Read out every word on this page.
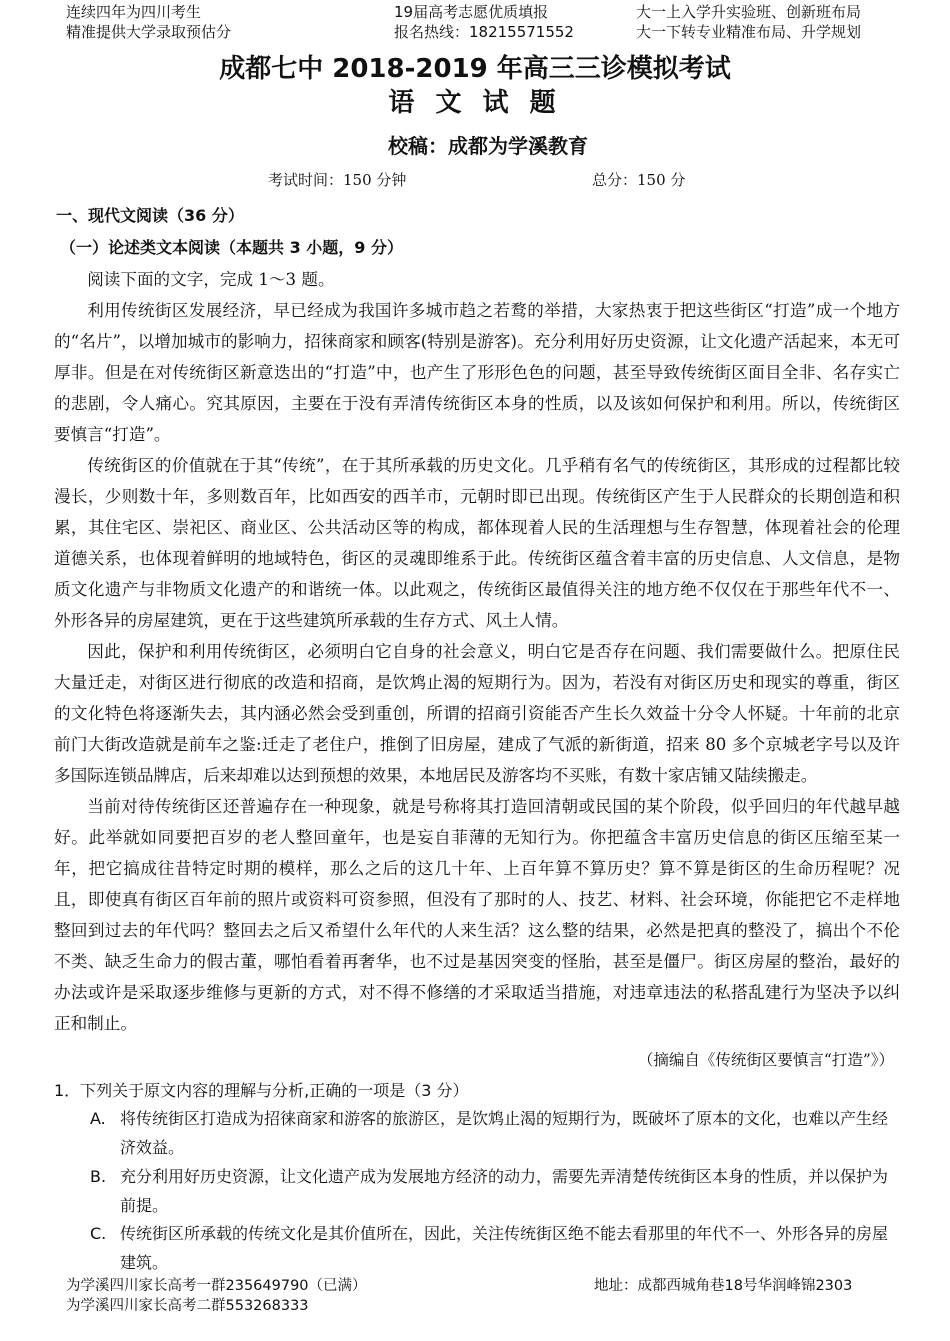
连续四年为四川考生
精准提供大学录取预估分
19届高考志愿优质填报
报名热线：18215571552
大一上入学升实验班、创新班布局
大一下转专业精准布局、升学规划
成都七中 2018-2019 年高三三诊模拟考试
语 文 试 题
校稿：成都为学溪教育
考试时间：150 分钟	总分：150 分
一、现代文阅读（36 分）
（一）论述类文本阅读（本题共 3 小题，9 分）

阅读下面的文字，完成 1～3 题。

利用传统街区发展经济，早已经成为我国许多城市趋之若鹜的举措，大家热衷于把这些街区“打造”成一个地方的“名片”，以增加城市的影响力，招徕商家和顾客(特别是游客)。充分利用好历史资源，让文化遗产活起来，本无可厚非。但是在对传统街区新意迭出的“打造”中，也产生了形形色色的问题，甚至导致传统街区面目全非、名存实亡的悲剧，令人痛心。究其原因，主要在于没有弄清传统街区本身的性质，以及该如何保护和利用。所以，传统街区要慎言“打造”。

传统街区的价值就在于其“传统”，在于其所承载的历史文化。几乎稍有名气的传统街区，其形成的过程都比较漫长，少则数十年，多则数百年，比如西安的西羊市，元朝时即已出现。传统街区产生于人民群众的长期创造和积累，其住宅区、崇祀区、商业区、公共活动区等的构成，都体现着人民的生活理想与生存智慧，体现着社会的伦理道德关系，也体现着鲜明的地域特色，街区的灵魂即维系于此。传统街区蕴含着丰富的历史信息、人文信息，是物质文化遗产与非物质文化遗产的和谐统一体。以此观之，传统街区最值得关注的地方绝不仅仅在于那些年代不一、外形各异的房屋建筑，更在于这些建筑所承载的生存方式、风土人情。

因此，保护和利用传统街区，必须明白它自身的社会意义，明白它是否存在问题、我们需要做什么。把原住民大量迁走，对街区进行彻底的改造和招商，是饮鸩止渴的短期行为。因为，若没有对街区历史和现实的尊重，街区的文化特色将逐渐失去，其内涵必然会受到重创，所谓的招商引资能否产生长久效益十分令人怀疑。十年前的北京前门大街改造就是前车之鉴:迁走了老住户，推倒了旧房屋，建成了气派的新街道，招来 80 多个京城老字号以及许多国际连锁品牌店，后来却难以达到预想的效果，本地居民及游客均不买账，有数十家店铺又陆续搬走。

当前对待传统街区还普遍存在一种现象，就是号称将其打造回清朝或民国的某个阶段，似乎回归的年代越早越好。此举就如同要把百岁的老人整回童年，也是妄自菲薄的无知行为。你把蕴含丰富历史信息的街区压缩至某一年，把它搞成往昔特定时期的模样，那么之后的这几十年、上百年算不算历史？算不算是街区的生命历程呢？况且，即使真有街区百年前的照片或资料可资参照，但没有了那时的人、技艺、材料、社会环境，你能把它不走样地整回到过去的年代吗？整回去之后又希望什么年代的人来生活？这么整的结果，必然是把真的整没了，搞出个不伦不类、缺乏生命力的假古董，哪怕看着再奢华，也不过是基因突变的怪胎，甚至是僵尸。街区房屋的整治，最好的办法或许是采取逐步维修与更新的方式，对不得不修缮的才采取适当措施，对违章违法的私搭乱建行为坚决予以纠正和制止。

（摘编自《传统街区要慎言“打造”》）
1．下列关于原文内容的理解与分析,正确的一项是（3 分）
A. 将传统街区打造成为招徕商家和游客的旅游区，是饮鸩止渴的短期行为，既破坏了原本的文化，也难以产生经济效益。
B. 充分利用好历史资源，让文化遗产成为发展地方经济的动力，需要先弄清楚传统街区本身的性质，并以保护为前提。
C. 传统街区所承载的传统文化是其价值所在，因此，关注传统街区绝不能去看那里的年代不一、外形各异的房屋建筑。
为学溪四川家长高考一群235649790（已满）
为学溪四川家长高考二群553268333
地址：成都西城角巷18号华润峰锦2303
